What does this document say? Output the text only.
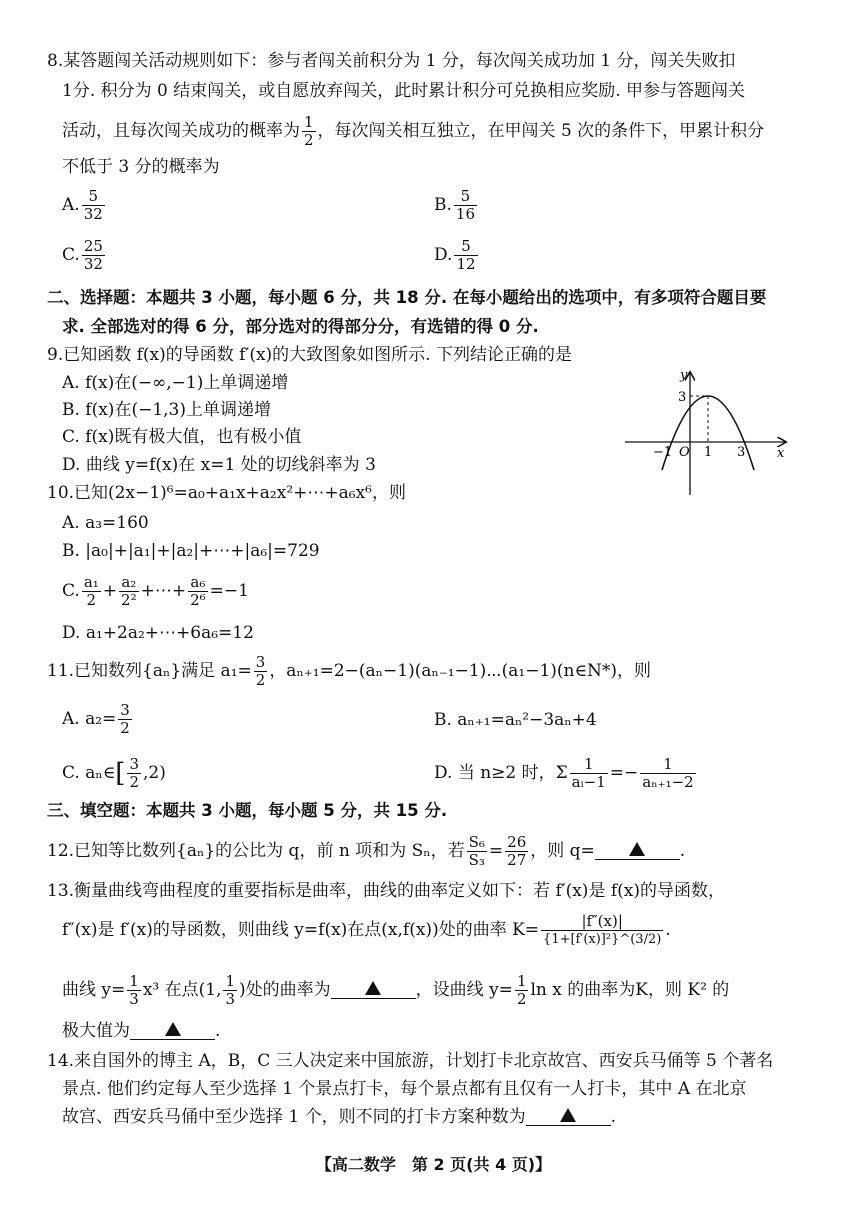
8.某答题闯关活动规则如下：参与者闯关前积分为 1 分，每次闯关成功加 1 分，闯关失败扣
1分. 积分为 0 结束闯关，或自愿放弃闯关，此时累计积分可兑换相应奖励. 甲参与答题闯关
活动，且每次闯关成功的概率为 $\frac{1}{2}$ ，每次闯关相互独立，在甲闯关 5 次的条件下，甲累计积分
不低于 3 分的概率为
A. $\frac{5}{32}$	B. $\frac{5}{16}$
C. $\frac{25}{32}$	D. $\frac{5}{12}$
二、选择题：本题共 3 小题，每小题 6 分，共 18 分. 在每小题给出的选项中，有多项符合题目要
求. 全部选对的得 6 分，部分选对的得部分分，有选错的得 0 分.
9.已知函数 f(x)的导函数 f′(x)的大致图象如图所示. 下列结论正确的是
A. f(x)在(−∞,−1)上单调递增
B. f(x)在(−1,3)上单调递增
C. f(x)既有极大值，也有极小值
D. 曲线 y=f(x)在 x=1 处的切线斜率为 3
y
x
3
O
−1 1 3
10.已知(2x−1)⁶=a₀+a₁x+a₂x²+⋯+a₆x⁶，则
A. a₃=160
B. |a₀|+|a₁|+|a₂|+⋯+|a₆|=729
C. $\frac{\text{a₁}}{2} + \frac{\text{a₂}}{\text{2²}}$ +⋯+ $\frac{\text{a₆}}{\text{2⁶}} =-1$
D. a₁+2a₂+⋯+6a₆=12
11.已知数列{aₙ}满足 $a_1= \frac{3}{2}$ ，aₙ₊₁=2−(aₙ−1)(aₙ₋₁−1)⋯(a₁−1)(n∈N*)，则
A. $a_2= \frac{3}{2}$	B. aₙ₊₁=aₙ²−3aₙ+4
C. aₙ∈[ $\frac{3}{2} ,2$)	D. 当 n≥2 时，Σ $\frac{1}{\text{aᵢ−1}} =- \frac{1}{\text{aₙ₊₁−2}}$
三、填空题：本题共 3 小题，每小题 5 分，共 15 分.
12.已知等比数列{aₙ}的公比为 q，前 n 项和为 Sₙ，若 $\frac{\text{S₆}}{\text{S₃}} = \frac{26}{27}$ ，则 q=	.
13.衡量曲线弯曲程度的重要指标是曲率，曲线的曲率定义如下：若 f′(x)是 f(x)的导函数，
f″(x)是 f′(x)的导函数，则曲线 y=f(x)在点(x,f(x))处的曲率 $K= \frac{|f''(x)|}{\text{\{1+[f′(x)]²\}\textasciicircum{}(3/2)}}$ .
曲线 $y= \frac{1}{3} x^3$ 在点(1, $\frac{1}{3}$ )处的曲率为	，设曲线 $y= \frac{1}{2}$ ln x 的曲率为K，则 K² 的
极大值为	.
14.来自国外的博主 A，B，C 三人决定来中国旅游，计划打卡北京故宫、西安兵马俑等 5 个著名
景点. 他们约定每人至少选择 1 个景点打卡，每个景点都有且仅有一人打卡，其中 A 在北京
故宫、西安兵马俑中至少选择 1 个，则不同的打卡方案种数为	.
【高二数学　第 2 页(共 4 页)】
